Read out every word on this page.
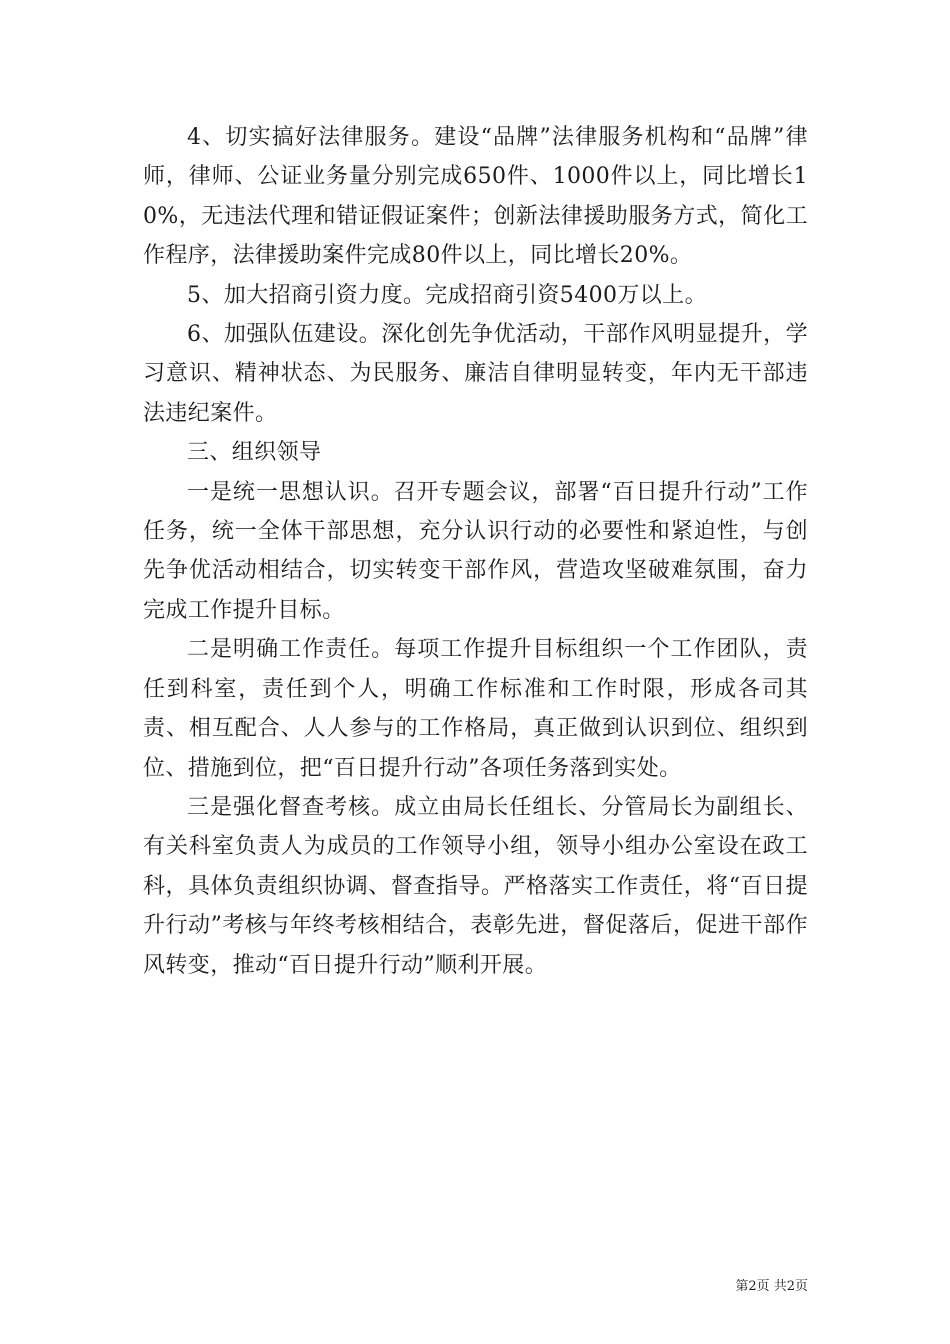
4、切实搞好法律服务。建设“品牌”法律服务机构和“品牌”律师，律师、公证业务量分别完成650件、1000件以上，同比增长10%，无违法代理和错证假证案件；创新法律援助服务方式，简化工作程序，法律援助案件完成80件以上，同比增长20%。

5、加大招商引资力度。完成招商引资5400万以上。

6、加强队伍建设。深化创先争优活动，干部作风明显提升，学习意识、精神状态、为民服务、廉洁自律明显转变，年内无干部违法违纪案件。

三、组织领导

一是统一思想认识。召开专题会议，部署“百日提升行动”工作任务，统一全体干部思想，充分认识行动的必要性和紧迫性，与创先争优活动相结合，切实转变干部作风，营造攻坚破难氛围，奋力完成工作提升目标。

二是明确工作责任。每项工作提升目标组织一个工作团队，责任到科室，责任到个人，明确工作标准和工作时限，形成各司其责、相互配合、人人参与的工作格局，真正做到认识到位、组织到位、措施到位，把“百日提升行动”各项任务落到实处。

三是强化督查考核。成立由局长任组长、分管局长为副组长、有关科室负责人为成员的工作领导小组，领导小组办公室设在政工科，具体负责组织协调、督查指导。严格落实工作责任，将“百日提升行动”考核与年终考核相结合，表彰先进，督促落后，促进干部作风转变，推动“百日提升行动”顺利开展。

第2页 共2页
